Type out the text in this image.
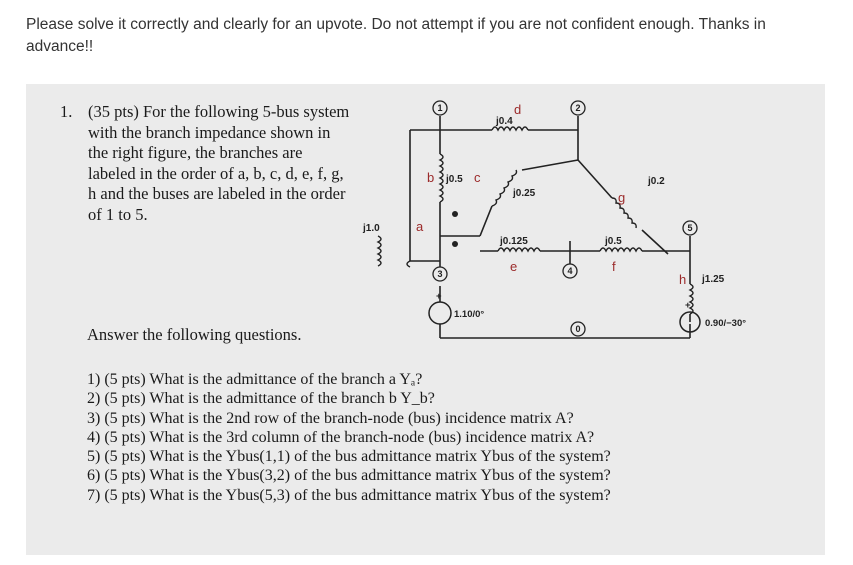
Please solve it correctly and clearly for an upvote. Do not attempt if you are not confident enough. Thanks in advance!!
1. (35 pts) For the following 5-bus system with the branch impedance shown in the right figure, the branches are labeled in the order of a, b, c, d, e, f, g, h and the buses are labeled in the order of 1 to 5.
Answer the following questions.
1) (5 pts) What is the admittance of the branch a Yₐ?
2) (5 pts) What is the admittance of the branch b Y_b?
3) (5 pts) What is the 2nd row of the branch-node (bus) incidence matrix A?
4) (5 pts) What is the 3rd column of the branch-node (bus) incidence matrix A?
5) (5 pts) What is the Ybus(1,1) of the bus admittance matrix Ybus of the system?
6) (5 pts) What is the Ybus(3,2) of the bus admittance matrix Ybus of the system?
7) (5 pts) What is the Ybus(5,3) of the bus admittance matrix Ybus of the system?
1	2
3	4
5
0
a
b	c
d
e	f
g
h
j1.0
j0.5
j0.4
j0.25
j0.125	j0.5
j0.2
j1.25
1.10/0°
0.90/−30°
+
+
